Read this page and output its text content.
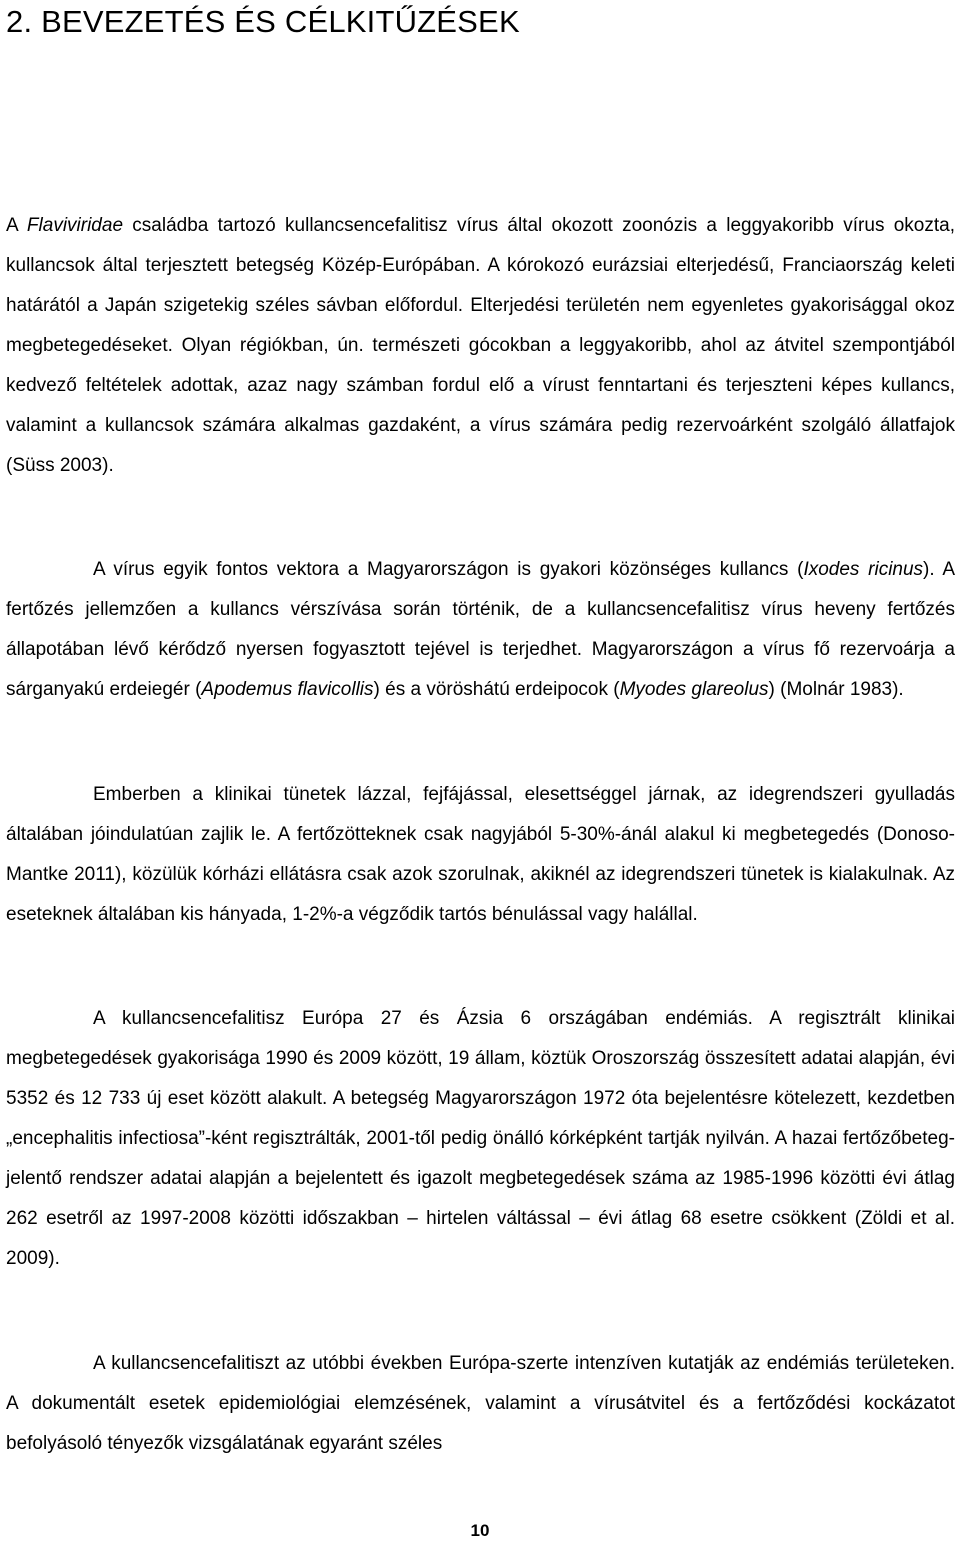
2. BEVEZETÉS ÉS CÉLKITŰZÉSEK

A Flaviviridae családba tartozó kullancsencefalitisz vírus által okozott zoonózis a leggyakoribb vírus okozta, kullancsok által terjesztett betegség Közép-Európában. A kórokozó eurázsiai elterjedésű, Franciaország keleti határától a Japán szigetekig széles sávban előfordul. Elterjedési területén nem egyenletes gyakorisággal okoz megbetegedéseket. Olyan régiókban, ún. természeti gócokban a leggyakoribb, ahol az átvitel szempontjából kedvező feltételek adottak, azaz nagy számban fordul elő a vírust fenntartani és terjeszteni képes kullancs, valamint a kullancsok számára alkalmas gazdaként, a vírus számára pedig rezervoárként szolgáló állatfajok (Süss 2003).

A vírus egyik fontos vektora a Magyarországon is gyakori közönséges kullancs (Ixodes ricinus). A fertőzés jellemzően a kullancs vérszívása során történik, de a kullancsencefalitisz vírus heveny fertőzés állapotában lévő kérődző nyersen fogyasztott tejével is terjedhet. Magyarországon a vírus fő rezervoárja a sárganyakú erdeiegér (Apodemus flavicollis) és a vöröshátú erdeipocok (Myodes glareolus) (Molnár 1983).

Emberben a klinikai tünetek lázzal, fejfájással, elesettséggel járnak, az idegrendszeri gyulladás általában jóindulatúan zajlik le. A fertőzötteknek csak nagyjából 5-30%-ánál alakul ki megbetegedés (Donoso-Mantke 2011), közülük kórházi ellátásra csak azok szorulnak, akiknél az idegrendszeri tünetek is kialakulnak. Az eseteknek általában kis hányada, 1-2%-a végződik tartós bénulással vagy halállal.

A kullancsencefalitisz Európa 27 és Ázsia 6 országában endémiás. A regisztrált klinikai megbetegedések gyakorisága 1990 és 2009 között, 19 állam, köztük Oroszország összesített adatai alapján, évi 5352 és 12 733 új eset között alakult. A betegség Magyarországon 1972 óta bejelentésre kötelezett, kezdetben „encephalitis infectiosa”-ként regisztrálták, 2001-től pedig önálló kórképként tartják nyilván. A hazai fertőzőbeteg-jelentő rendszer adatai alapján a bejelentett és igazolt megbetegedések száma az 1985-1996 közötti évi átlag 262 esetről az 1997-2008 közötti időszakban – hirtelen váltással – évi átlag 68 esetre csökkent (Zöldi et al. 2009).

A kullancsencefalitiszt az utóbbi években Európa-szerte intenzíven kutatják az endémiás területeken. A dokumentált esetek epidemiológiai elemzésének, valamint a vírusátvitel és a fertőződési kockázatot befolyásoló tényezők vizsgálatának egyaránt széles

10
